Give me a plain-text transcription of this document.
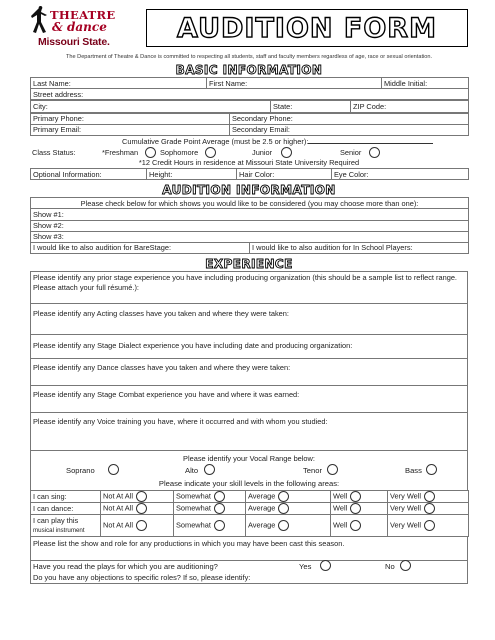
THEATRE
& dance
Missouri State. AUDITION FORM
The Department of Theatre & Dance is committed to respecting all students, staff and faculty members regardless of age, race or sexual orientation.
BASIC INFORMATION
Last Name:	First Name:	Middle Initial:
Street address:
City:	State:	ZIP Code:
Primary Phone:	Secondary Phone:
Primary Email:	Secondary Email:
Cumulative Grade Point Average (must be 2.5 or higher):
Class Status:	*Freshman	Sophomore	Junior	Senior
*12 Credit Hours in residence at Missouri State University Required
Optional Information:	Height:	Hair Color:	Eye Color:
AUDITION INFORMATION
Please check below for which shows you would like to be considered (you may choose more than one):
Show #1:
Show #2:
Show #3:
I would like to also audition for BareStage:	I would like to also audition for In School Players:
EXPERIENCE
Please identify any prior stage experience you have including producing organization (this should be a sample list to reflect range. Please attach your full résumé.):
Please identify any Acting classes have you taken and where they were taken:
Please identify any Stage Dialect experience you have including date and producing organization:
Please identify any Dance classes have you taken and where they were taken:
Please identify any Stage Combat experience you have and where it was earned:
Please identify any Voice training you have, where it occurred and with whom you studied:
Please identify your Vocal Range below:
Soprano	Alto	Tenor	Bass
Please indicate your skill levels in the following areas:
I can sing:	Not At All	Somewhat	Average	Well	Very Well
I can dance:	Not At All	Somewhat	Average	Well	Very Well
I can play this
musical instrument	Not At All	Somewhat	Average	Well	Very Well
Please list the show and role for any productions in which you may have been cast this season.
Have you read the plays for which you are auditioning?	Yes	No
Do you have any objections to specific roles? If so, please identify:
